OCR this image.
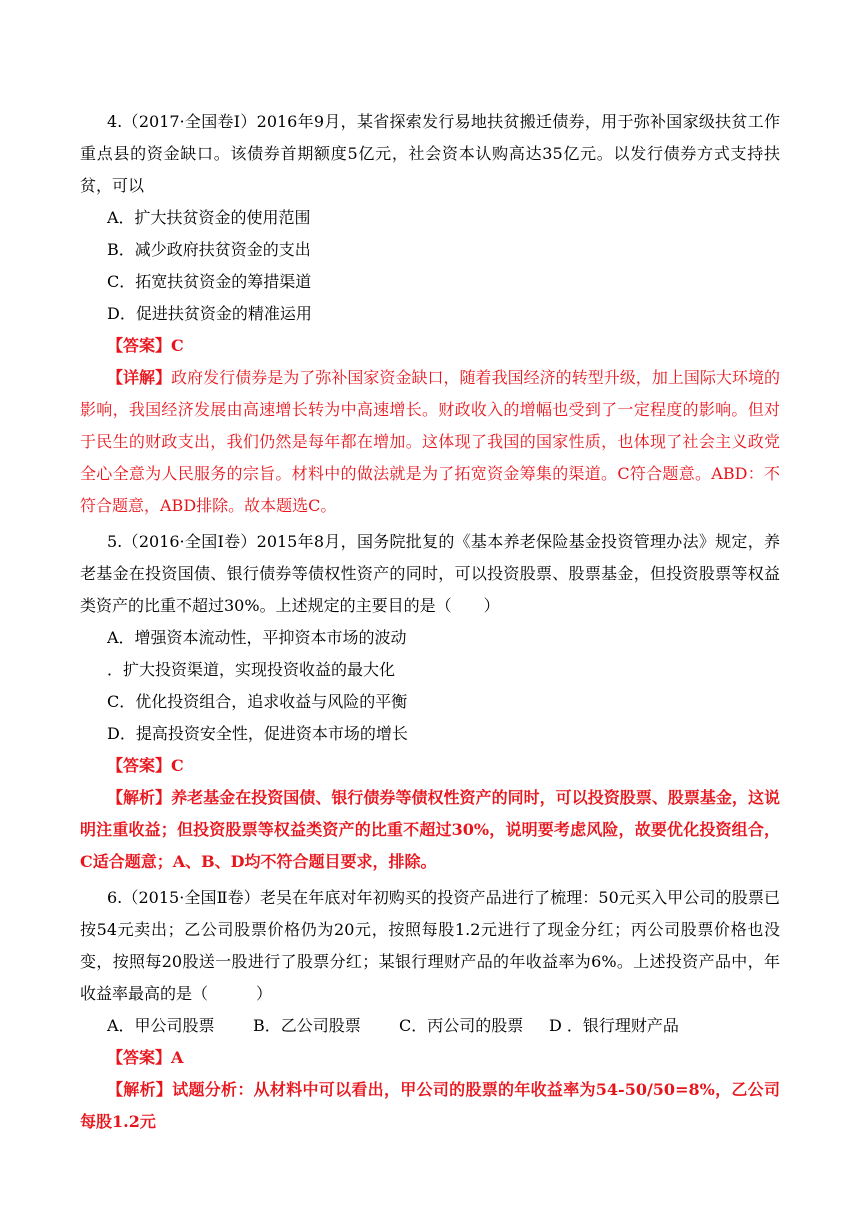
4.（2017·全国卷Ⅰ）2016年9月，某省探索发行易地扶贫搬迁债券，用于弥补国家级扶贫工作重点县的资金缺口。该债券首期额度5亿元，社会资本认购高达35亿元。以发行债券方式支持扶贫，可以

A．扩大扶贫资金的使用范围

B．减少政府扶贫资金的支出

C．拓宽扶贫资金的筹措渠道

D．促进扶贫资金的精准运用

【答案】C

【详解】政府发行债券是为了弥补国家资金缺口，随着我国经济的转型升级，加上国际大环境的影响，我国经济发展由高速增长转为中高速增长。财政收入的增幅也受到了一定程度的影响。但对于民生的财政支出，我们仍然是每年都在增加。这体现了我国的国家性质，也体现了社会主义政党全心全意为人民服务的宗旨。材料中的做法就是为了拓宽资金筹集的渠道。C符合题意。ABD：不符合题意，ABD排除。故本题选C。

5.（2016·全国Ⅰ卷）2015年8月，国务院批复的《基本养老保险基金投资管理办法》规定，养老基金在投资国债、银行债券等债权性资产的同时，可以投资股票、股票基金，但投资股票等权益类资产的比重不超过30%。上述规定的主要目的是（　　）

A．增强资本流动性，平抑资本市场的波动

．扩大投资渠道，实现投资收益的最大化

C．优化投资组合，追求收益与风险的平衡

D．提高投资安全性，促进资本市场的增长

【答案】C

【解析】养老基金在投资国债、银行债券等债权性资产的同时，可以投资股票、股票基金，这说明注重收益；但投资股票等权益类资产的比重不超过30%，说明要考虑风险，故要优化投资组合，C适合题意；A、B、D均不符合题目要求，排除。

6.（2015·全国Ⅱ卷）老吴在年底对年初购买的投资产品进行了梳理：50元买入甲公司的股票已按54元卖出；乙公司股票价格仍为20元，按照每股1.2元进行了现金分红；丙公司股票价格也没变，按照每20股送一股进行了股票分红；某银行理财产品的年收益率为6%。上述投资产品中，年收益率最高的是（　　　）

A．甲公司股票	B．乙公司股票	C．丙公司的股票	D ．银行理财产品

【答案】A

【解析】试题分析：从材料中可以看出，甲公司的股票的年收益率为54-50/50=8%，乙公司每股1.2元
